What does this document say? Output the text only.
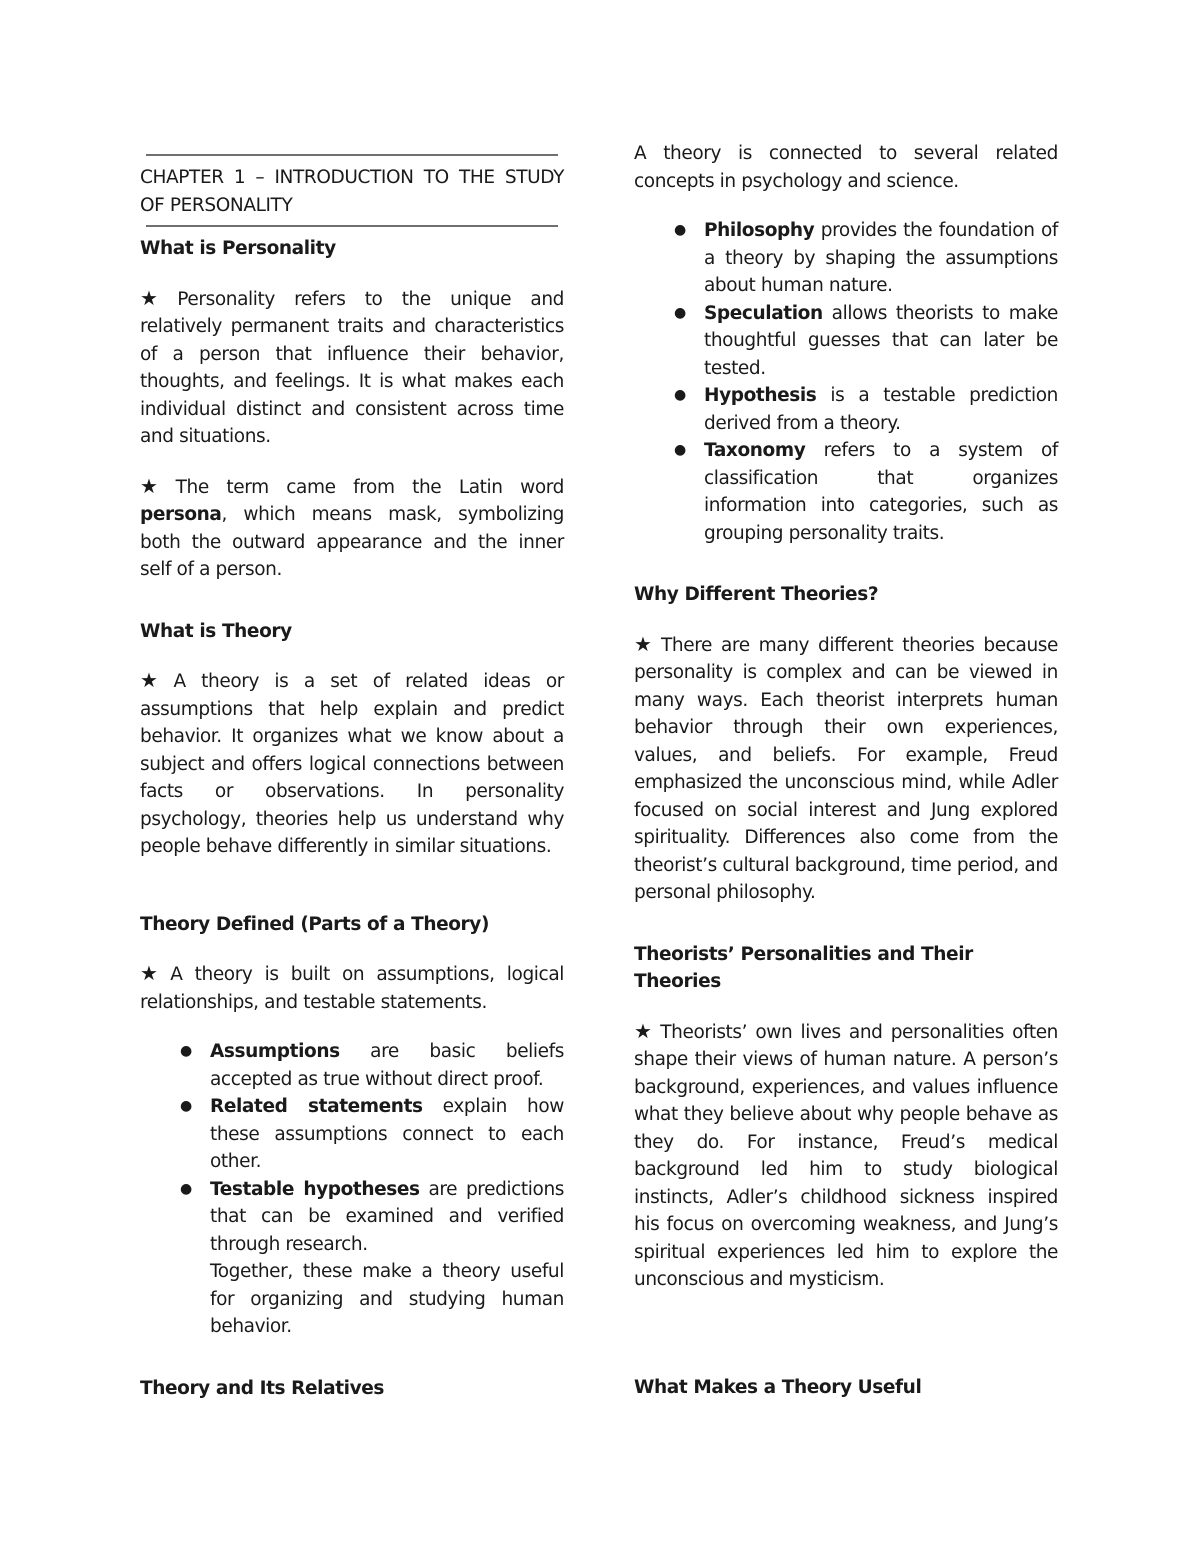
CHAPTER 1 – INTRODUCTION TO THE STUDY OF PERSONALITY

What is Personality

★ Personality refers to the unique and relatively permanent traits and characteristics of a person that influence their behavior, thoughts, and feelings. It is what makes each individual distinct and consistent across time and situations.

★ The term came from the Latin word persona, which means mask, symbolizing both the outward appearance and the inner self of a person.

What is Theory

★ A theory is a set of related ideas or assumptions that help explain and predict behavior. It organizes what we know about a subject and offers logical connections between facts or observations. In personality psychology, theories help us understand why people behave differently in similar situations.

Theory Defined (Parts of a Theory)

★ A theory is built on assumptions, logical relationships, and testable statements.

● Assumptions are basic beliefs accepted as true without direct proof.
● Related statements explain how these assumptions connect to each other.
● Testable hypotheses are predictions that can be examined and verified through research.

Together, these make a theory useful for organizing and studying human behavior.

Theory and Its Relatives

A theory is connected to several related concepts in psychology and science.

● Philosophy provides the foundation of a theory by shaping the assumptions about human nature.
● Speculation allows theorists to make thoughtful guesses that can later be tested.
● Hypothesis is a testable prediction derived from a theory.
● Taxonomy refers to a system of classification that organizes information into categories, such as grouping personality traits.
Why Different Theories?

★ There are many different theories because personality is complex and can be viewed in many ways. Each theorist interprets human behavior through their own experiences, values, and beliefs. For example, Freud emphasized the unconscious mind, while Adler focused on social interest and Jung explored spirituality. Differences also come from the theorist’s cultural background, time period, and personal philosophy.

Theorists’ Personalities and Their Theories

★ Theorists’ own lives and personalities often shape their views of human nature. A person’s background, experiences, and values influence what they believe about why people behave as they do. For instance, Freud’s medical background led him to study biological instincts, Adler’s childhood sickness inspired his focus on overcoming weakness, and Jung’s spiritual experiences led him to explore the unconscious and mysticism.

What Makes a Theory Useful
